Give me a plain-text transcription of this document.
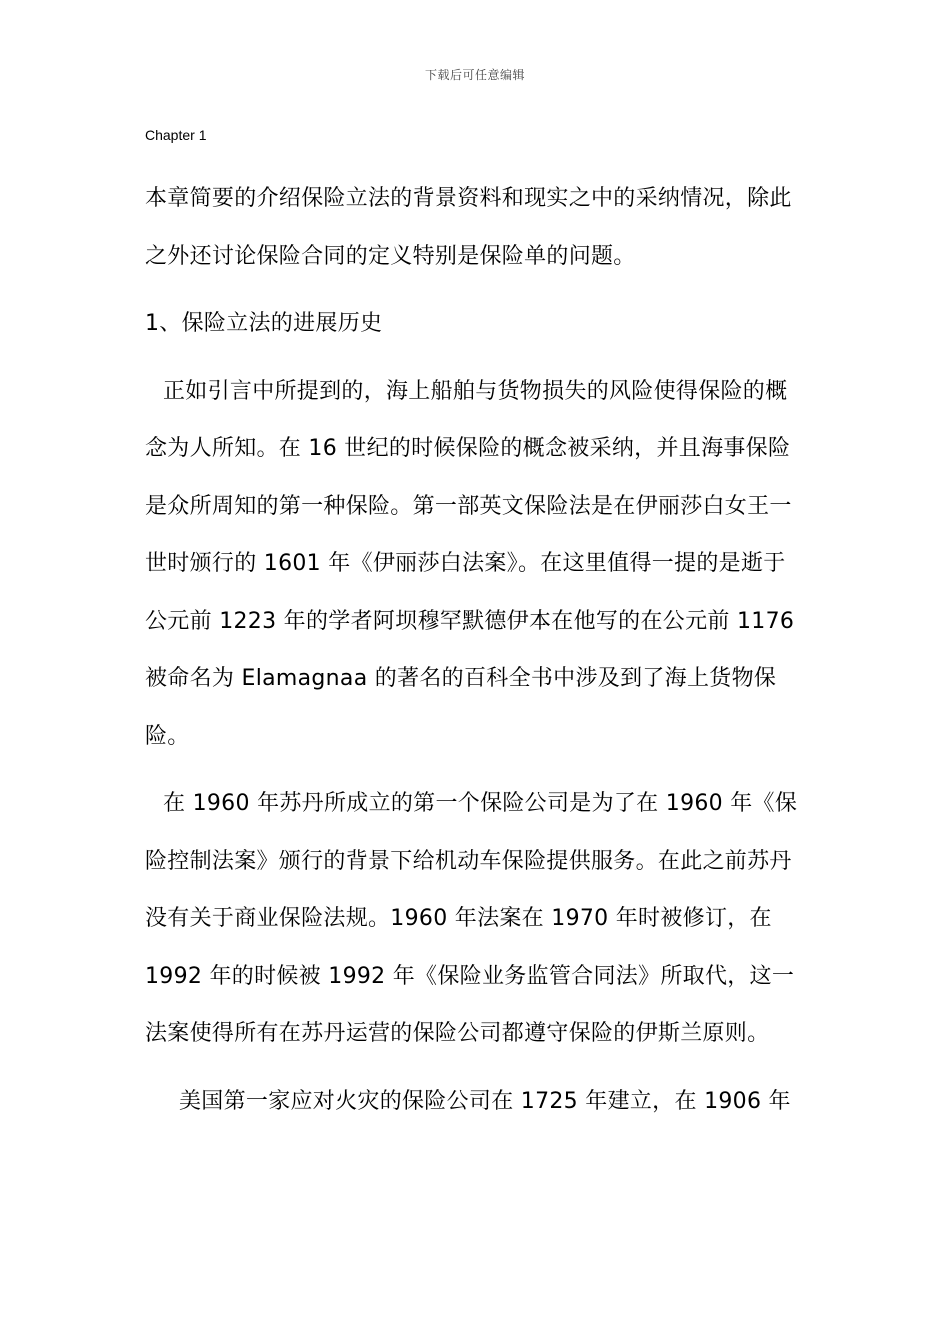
下载后可任意编辑
Chapter 1

本章简要的介绍保险立法的背景资料和现实之中的采纳情况，除此之外还讨论保险合同的定义特别是保险单的问题。

1、保险立法的进展历史

正如引言中所提到的，海上船舶与货物损失的风险使得保险的概念为人所知。在 16 世纪的时候保险的概念被采纳，并且海事保险是众所周知的第一种保险。第一部英文保险法是在伊丽莎白女王一世时颁行的 1601 年《伊丽莎白法案》。在这里值得一提的是逝于公元前 1223 年的学者阿坝穆罕默德伊本在他写的在公元前 1176 被命名为 Elamagnaa 的著名的百科全书中涉及到了海上货物保险。

在 1960 年苏丹所成立的第一个保险公司是为了在 1960 年《保险控制法案》颁行的背景下给机动车保险提供服务。在此之前苏丹没有关于商业保险法规。1960 年法案在 1970 年时被修订，在 1992 年的时候被 1992 年《保险业务监管合同法》所取代，这一法案使得所有在苏丹运营的保险公司都遵守保险的伊斯兰原则。

美国第一家应对火灾的保险公司在 1725 年建立，在 1906 年
